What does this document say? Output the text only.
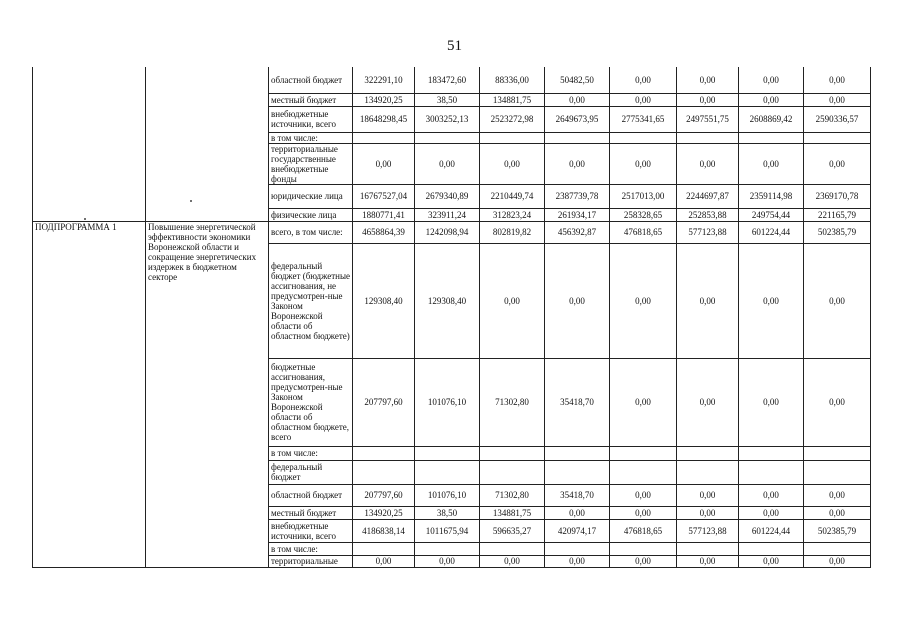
51
		областной бюджет	322291,10	183472,60	88336,00	50482,50	0,00	0,00	0,00	0,00
		местный бюджет	134920,25	38,50	134881,75	0,00	0,00	0,00	0,00	0,00
		внебюджетные источники, всего	18648298,45	3003252,13	2523272,98	2649673,95	2775341,65	2497551,75	2608869,42	2590336,57
		в том числе:								
		территориальные государственные внебюджетные фонды	0,00	0,00	0,00	0,00	0,00	0,00	0,00	0,00
		юридические лица	16767527,04	2679340,89	2210449,74	2387739,78	2517013,00	2244697,87	2359114,98	2369170,78
		физические лица	1880771,41	323911,24	312823,24	261934,17	258328,65	252853,88	249754,44	221165,79
ПОДПРОГРАММА 1	Повышение энергетической эффективности экономики Воронежской области и сокращение энергетических издержек в бюджетном секторе	всего, в том числе:	4658864,39	1242098,94	802819,82	456392,87	476818,65	577123,88	601224,44	502385,79
		федеральный бюджет (бюджетные ассигнования, не предусмотрен-ные Законом Воронежской области об областном бюджете)	129308,40	129308,40	0,00	0,00	0,00	0,00	0,00	0,00
		бюджетные ассигнования, предусмотрен-ные Законом Воронежской области об областном бюджете, всего	207797,60	101076,10	71302,80	35418,70	0,00	0,00	0,00	0,00
		в том числе:								
		федеральный бюджет								
		областной бюджет	207797,60	101076,10	71302,80	35418,70	0,00	0,00	0,00	0,00
		местный бюджет	134920,25	38,50	134881,75	0,00	0,00	0,00	0,00	0,00
		внебюджетные источники, всего	4186838,14	1011675,94	596635,27	420974,17	476818,65	577123,88	601224,44	502385,79
		в том числе:								
		территориальные	0,00	0,00	0,00	0,00	0,00	0,00	0,00	0,00
